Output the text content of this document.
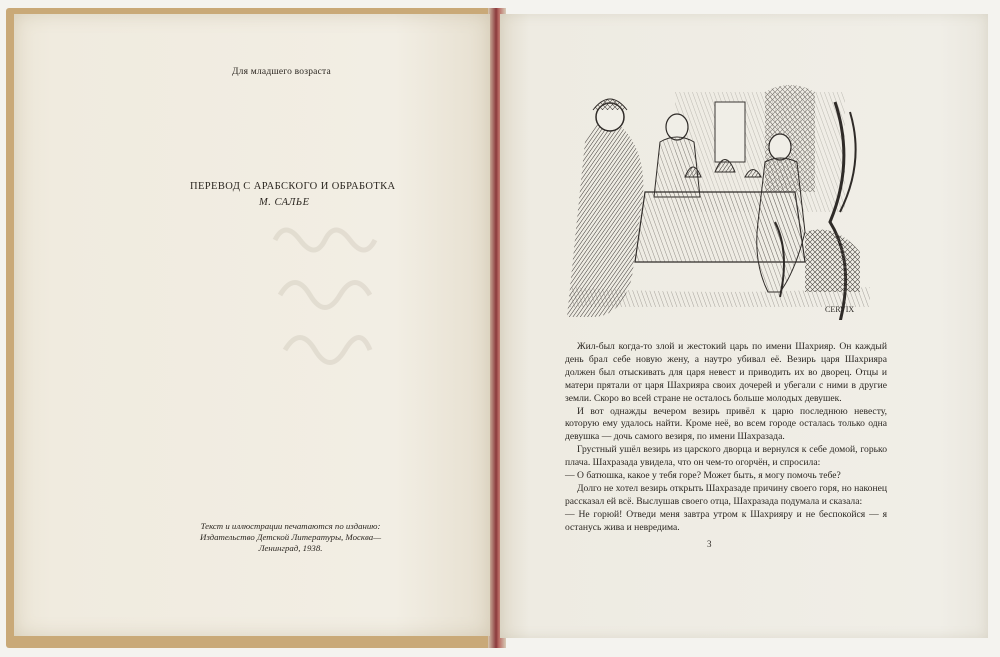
Для младшего возраста
ПЕРЕВОД С АРАБСКОГО И ОБРАБОТКА
М. САЛЬЕ
Текст и иллюстрации печатаются по изданию: Издательство Детской Литературы, Москва—Ленинград, 1938.
CERVIX

Жил-был когда-то злой и жестокий царь по имени Шахрияр. Он каждый день брал себе новую жену, а наутро убивал её. Везирь царя Шахрияра должен был отыскивать для царя невест и приводить их во дворец. Отцы и матери прятали от царя Шахрияра своих дочерей и убегали с ними в другие земли. Скоро во всей стране не осталось больше молодых девушек.

И вот однажды вечером везирь привёл к царю последнюю невесту, которую ему удалось найти. Кроме неё, во всем городе осталась только одна девушка — дочь самого везиря, по имени Шахразада.

Грустный ушёл везирь из царского дворца и вернулся к себе домой, горько плача. Шахразада увидела, что он чем-то огорчён, и спросила:

— О батюшка, какое у тебя горе? Может быть, я могу помочь тебе?

Долго не хотел везирь открыть Шахразаде причину своего горя, но наконец рассказал ей всё. Выслушав своего отца, Шахразада подумала и сказала:

— Не горюй! Отведи меня завтра утром к Шахрияру и не беспокойся — я останусь жива и невредима.

3
